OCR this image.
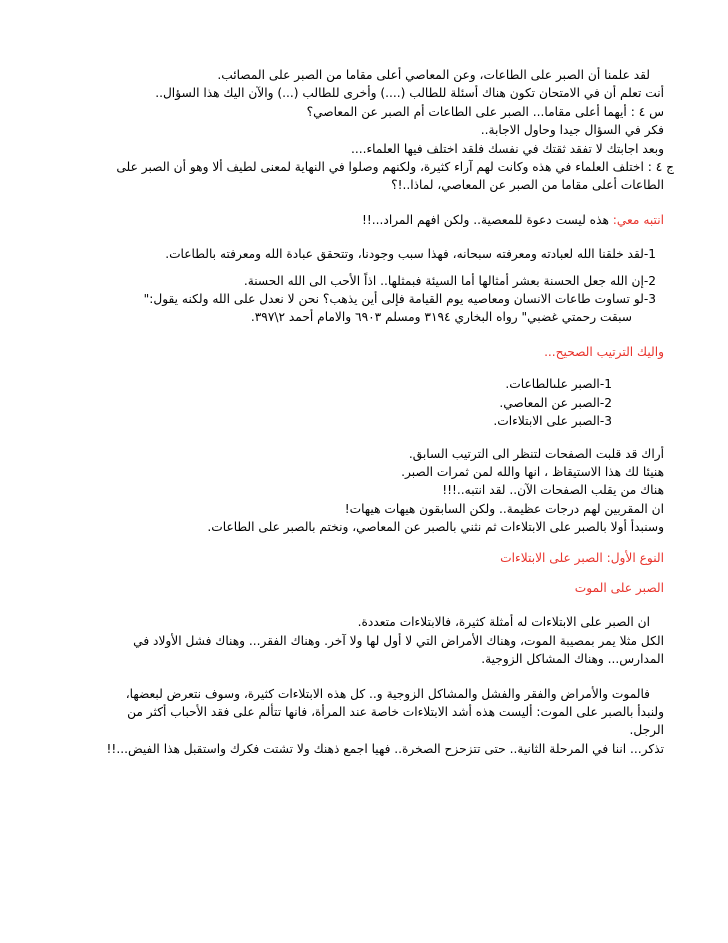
لقد علمنا أن الصبر على الطاعات، وعن المعاصي أعلى مقاما من الصبر على المصائب.
أنت تعلم أن في الامتحان تكون هناك أسئلة للطالب (....) وأخرى للطالب (...) والآن اليك هذا السؤال..
س ٤ : أيهما أعلى مقاما... الصبر على الطاعات أم الصبر عن المعاصي؟
فكر في السؤال جيدا وحاول الاجابة..
وبعد اجابتك لا تفقد ثقتك في نفسك فلقد اختلف فيها العلماء....
ج ٤ : اختلف العلماء في هذه وكانت لهم آراء كثيرة، ولكنهم وصلوا في النهاية لمعنى لطيف ألا وهو أن الصبر على
الطاعات أعلى مقاما من الصبر عن المعاصي، لماذا..!؟
انتبه معي: هذه ليست دعوة للمعصية.. ولكن افهم المراد...!!
1-لقد خلقنا الله لعبادته ومعرفته سبحانه، فهذا سبب وجودنا، وتتحقق عبادة الله ومعرفته بالطاعات.
2-إن الله جعل الحسنة بعشر أمثالها أما السيئة فبمثلها.. اذاً الأحب الى الله الحسنة.
3-لو تساوت طاعات الانسان ومعاصيه يوم القيامة فإلى أين يذهب؟ نحن لا نعدل على الله ولكنه يقول:"
سبقت رحمتي غضبي" رواه البخاري ٣١٩٤ ومسلم ٦٩٠٣ والامام أحمد ٢\٣٩٧.
واليك الترتيب الصحيح...
1-الصبر علىالطاعات.
2-الصبر عن المعاصي.
3-الصبر على الابتلاءات.
أراك قد قلبت الصفحات لتنظر الى الترتيب السابق.
هنيئا لك هذا الاستيقاظ ، انها والله لمن ثمرات الصبر.
هناك من يقلب الصفحات الآن.. لقد انتبه..!!!
ان المقربين لهم درجات عظيمة.. ولكن السابقون هيهات هيهات!
وسنبدأ أولا بالصبر على الابتلاءات ثم نثني بالصبر عن المعاصي، ونختم بالصبر على الطاعات.
النوع الأول: الصبر على الابتلاءات
الصبر على الموت
ان الصبر على الابتلاءات له أمثلة كثيرة، فالابتلاءات متعددة.
الكل مثلا يمر بمصيبة الموت، وهناك الأمراض التي لا أول لها ولا آخر. وهناك الفقر... وهناك فشل الأولاد في
المدارس... وهناك المشاكل الزوجية.
فالموت والأمراض والفقر والفشل والمشاكل الزوجية و.. كل هذه الابتلاءات كثيرة، وسوف نتعرض لبعضها،
ولنبدأ بالصبر على الموت: أليست هذه أشد الابتلاءات خاصة عند المرأة، فانها تتألم على فقد الأحباب أكثر من
الرجل.
تذكر... اننا في المرحلة الثانية.. حتى تتزحزح الصخرة.. فهيا اجمع ذهنك ولا تشتت فكرك واستقبل هذا الفيض...!!
